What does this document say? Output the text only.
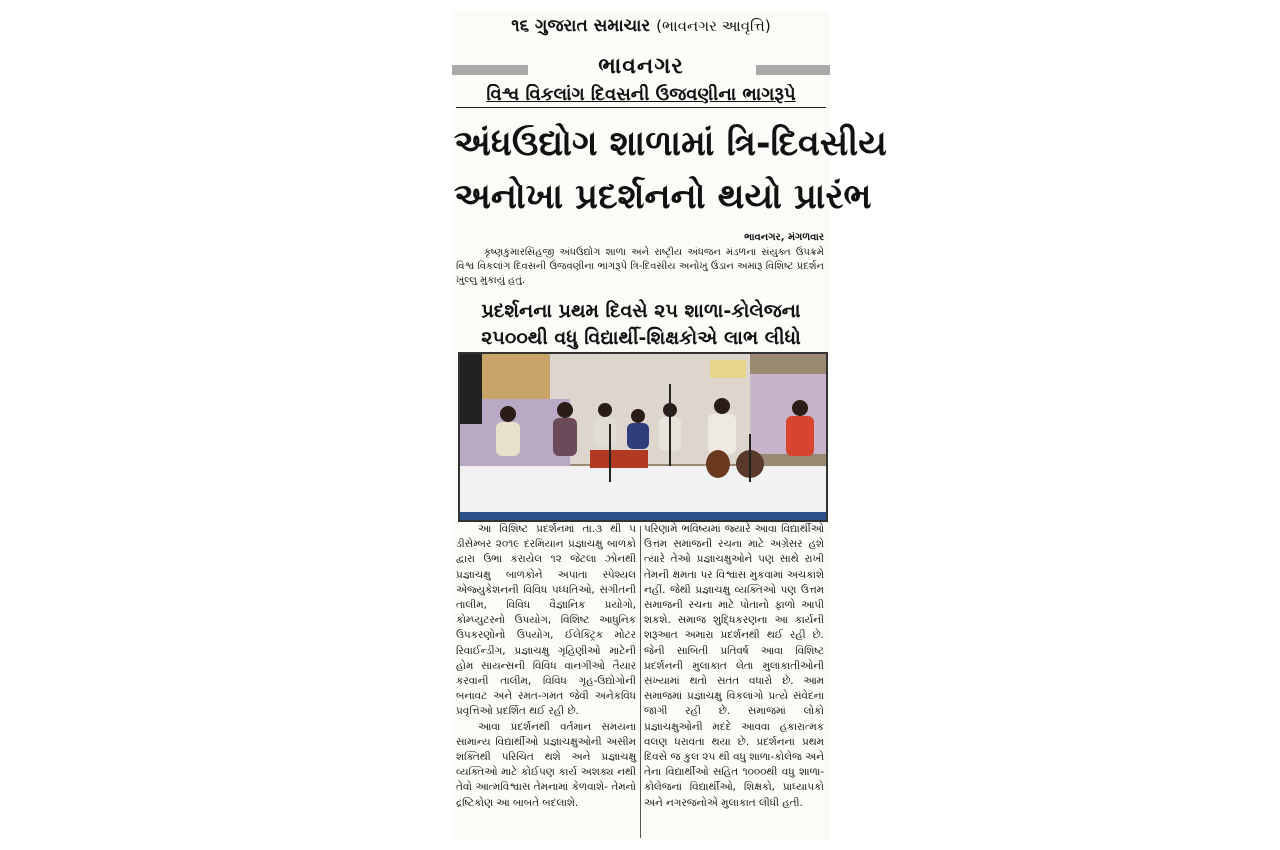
૧૬ ગુજરાત સમાચાર (ભાવનગર આવૃત્તિ)
ભાવનગર
વિશ્વ વિકલાંગ દિવસની ઉજવણીના ભાગરૂપે
અંધઉદ્યોગ શાળામાં ત્રિ-દિવસીય
અનોખા પ્રદર્શનનો થયો પ્રારંભ
ભાવનગર, મંગળવાર
કૃષ્ણકુમારસિંહજી અંધઉદ્યોગ શાળા અને રાષ્ટ્રીય અંધજન મંડળના સંયુક્ત ઉપક્રમે વિશ્વ વિકલાંગ દિવસની ઉજવણીના ભાગરૂપે ત્રિ-દિવસીય અનોખુ ઉડાન અમારૂ વિશિષ્ટ પ્રદર્શન ખુલ્લુ મુકાયું હતું.
પ્રદર્શનના પ્રથમ દિવસે ૨૫ શાળા-કોલેજના
૨૫૦૦થી વધુ વિદ્યાર્થી-શિક્ષકોએ લાભ લીધો

આ વિશિષ્ટ પ્રદર્શનમાં તા.૩ થી ૫ ડીસેમ્બર ૨૦૧૯ દરમિયાન પ્રજ્ઞાચક્ષુ બાળકો દ્વારા ઉભા કરાયેલ ૧૨ જેટલા ઝોનથી પ્રજ્ઞાચક્ષુ બાળકોને અપાતા સ્પેશ્યલ એજ્યુકેશનની વિવિધ પધ્ધતિઓ, સંગીતની તાલીમ, વિવિધ વૈજ્ઞાનિક પ્રયોગો, કોમ્પ્યુટરનો ઉપયોગ, વિશિષ્ટ આધુનિક ઉપકરણોનો ઉપયોગ, ઈલેક્ટ્રિક મોટર રિવાઈન્ડીંગ, પ્રજ્ઞાચક્ષુ ગૃહિણીઓ માટેની હોમ સાયન્સની વિવિધ વાનગીઓ તૈયાર કરવાની તાલીમ, વિવિધ ગૃહ-ઉદ્યોગોની બનાવટ અને રમત-ગમત જેવી અનેકવિધ પ્રવૃત્તિઓ પ્રદર્શિત થઈ રહી છે.

આવા પ્રદર્શનથી વર્તમાન સમયના સામાન્ય વિદ્યાર્થીઓ પ્રજ્ઞાચક્ષુઓની અસીમ શક્તિથી પરિચિત થશે અને પ્રજ્ઞાચક્ષુ વ્યક્તિઓ માટે કોઈપણ કાર્ય અશક્ય નથી તેવો આત્મવિશ્વાસ તેમનામાં કેળવાશે- તેમનો દ્રષ્ટિકોણ આ બાબતે બદલાશે.

પરિણામે ભવિષ્યમાં જ્યારે આવા વિદ્યાર્થીઓ ઉત્તમ સમાજની રચના માટે અગ્રેસર હશે ત્યારે તેઓ પ્રજ્ઞાચક્ષુઓને પણ સાથે રાખી તેમની ક્ષમતા પર વિશ્વાસ મુકવામાં અચકાશે નહીં. જેથી પ્રજ્ઞાચક્ષુ વ્યક્તિઓ પણ ઉત્તમ સમાજની રચના માટે પોતાનો ફાળો આપી શકશે. સમાજ શુદ્ધિકરણના આ કાર્યની શરૂઆત અમારા પ્રદર્શનથી થઈ રહી છે. જેની સાબિતી પ્રતિવર્ષ આવા વિશિષ્ટ પ્રદર્શનની મુલાકાત લેતા મુલાકાતીઓની સંખ્યામાં થતો સતત વધારો છે. આમ સમાજમાં પ્રજ્ઞાચક્ષુ વિકલાંગો પ્રત્યે સંવેદના જાગી રહી છે. સમાજમાં લોકો પ્રજ્ઞાચક્ષુઓની મદદે આવવા હકારાત્મક વલણ ધરાવતા થયા છે. પ્રદર્શનનાં પ્રથમ દિવસે જ કુલ ૨૫ થી વધુ શાળા-કોલેજ અને તેના વિદ્યાર્થીઓ સહિત ૧૦૦૦થી વધુ શાળા-કોલેજનાં વિદ્યાર્થીઓ, શિક્ષકો, પ્રાધ્યાપકો અને નગરજનોએ મુલાકાત લીધી હતી.
